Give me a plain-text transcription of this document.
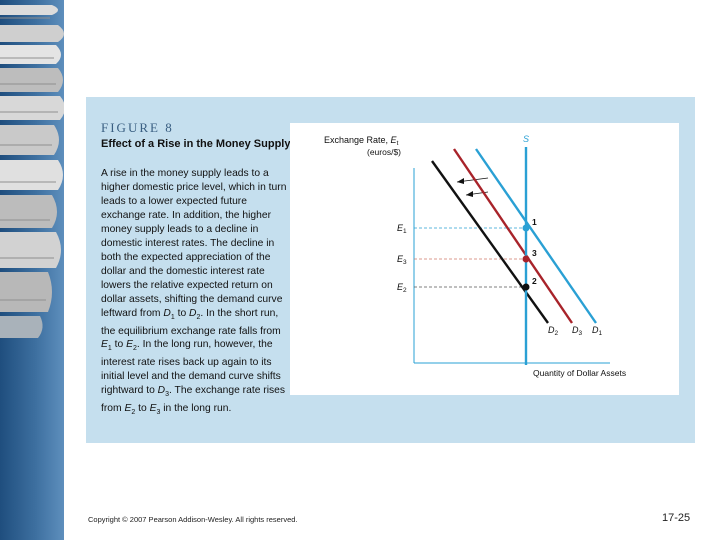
FIGURE 8
Effect of a Rise in the Money Supply

A rise in the money supply leads to a higher domestic price level, which in turn leads to a lower expected future exchange rate. In addition, the higher money supply leads to a decline in domestic interest rates. The decline in both the expected appreciation of the dollar and the domestic interest rate lowers the relative expected return on dollar assets, shifting the demand curve leftward from $D_1$ to $D_2$. In the short run, the equilibrium exchange rate falls from $E_1$ to $E_2$. In the long run, however, the interest rate rises back up again to its initial level and the demand curve shifts rightward to $D_3$. The exchange rate rises from $E_2$ to $E_3$ in the long run.

Exchange Rate, $E_t$
(euros/$)
Quantity of Dollar Assets
S
1
3
2
$E_1$
$E_3$
$E_2$
$D_2$ $D_3$ $D_1$
Copyright © 2007 Pearson Addison-Wesley. All rights reserved.	17-25
